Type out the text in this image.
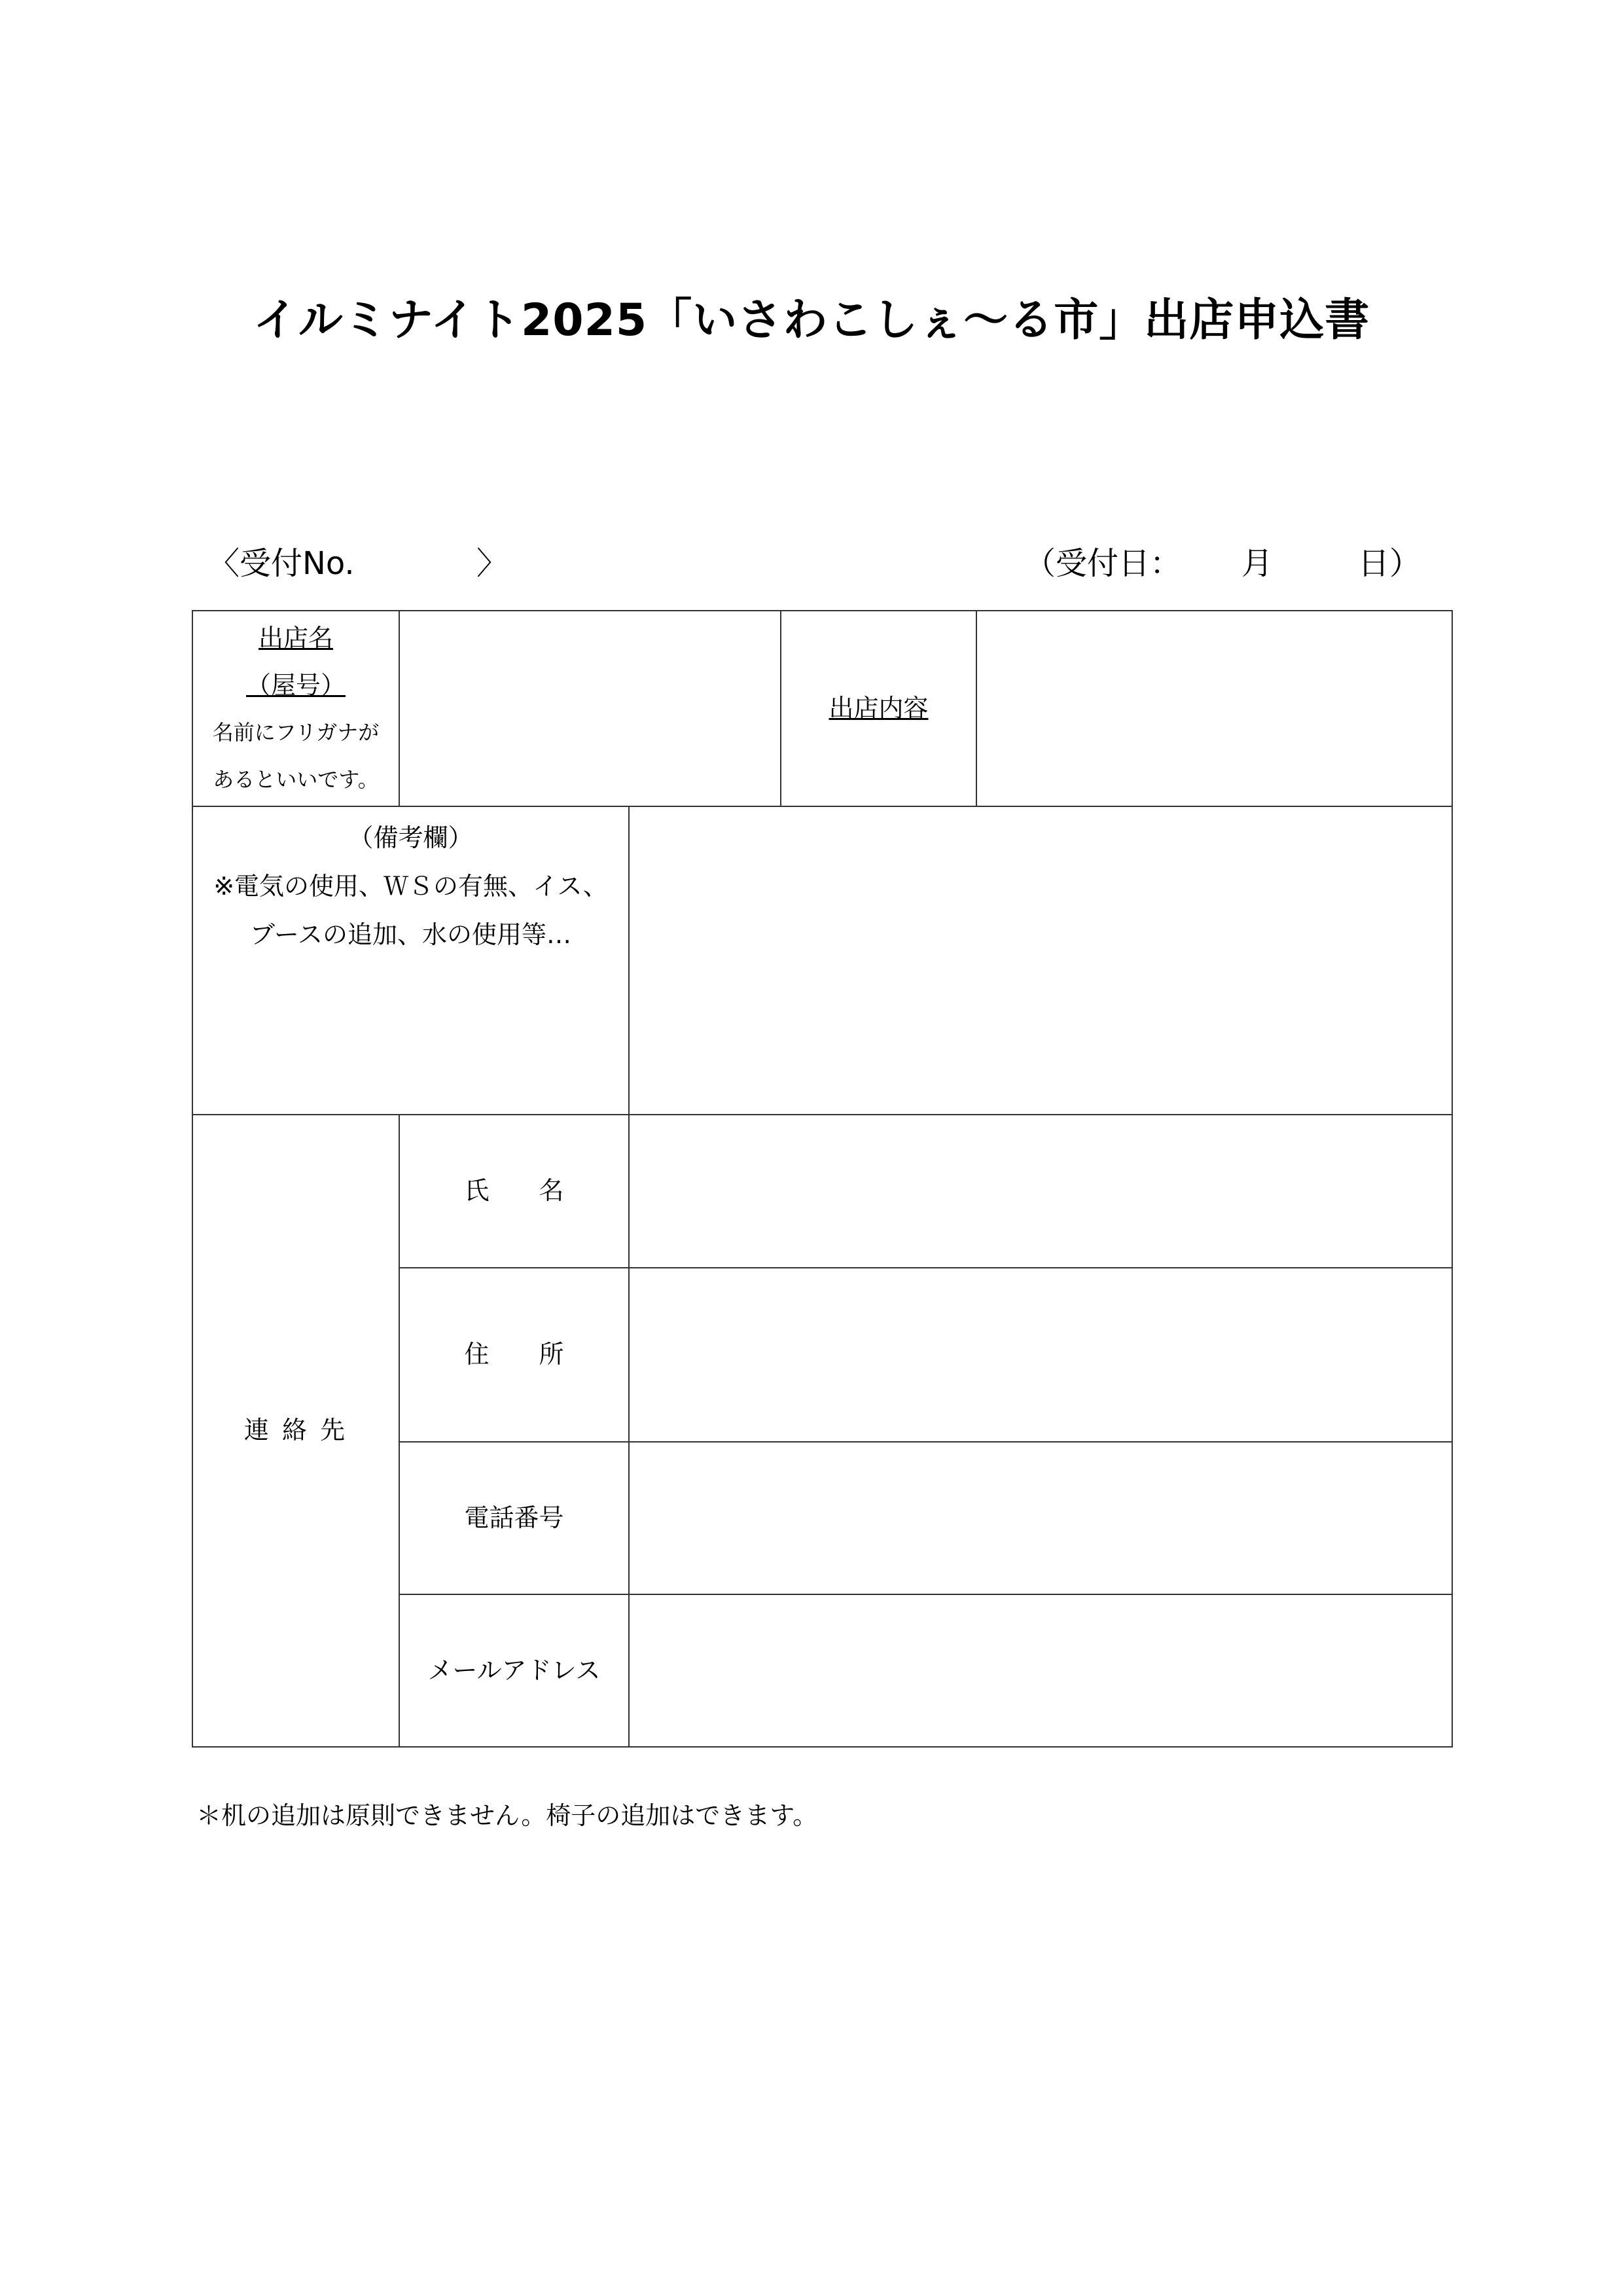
イルミナイト2025「いさわこしぇ〜る市」出店申込書
〈受付No.	〉	（受付日： 月	日）
出店名
（屋号）
名前にフリガナが
あるといいです。			出店内容	

（備考欄）
※電気の使用、ＷＳの有無、イス、
ブースの追加、水の使用等…				

連 絡 先	氏　　名			
	住　　所			
	電話番号			
	メールアドレス			
＊机の追加は原則できません。椅子の追加はできます。
